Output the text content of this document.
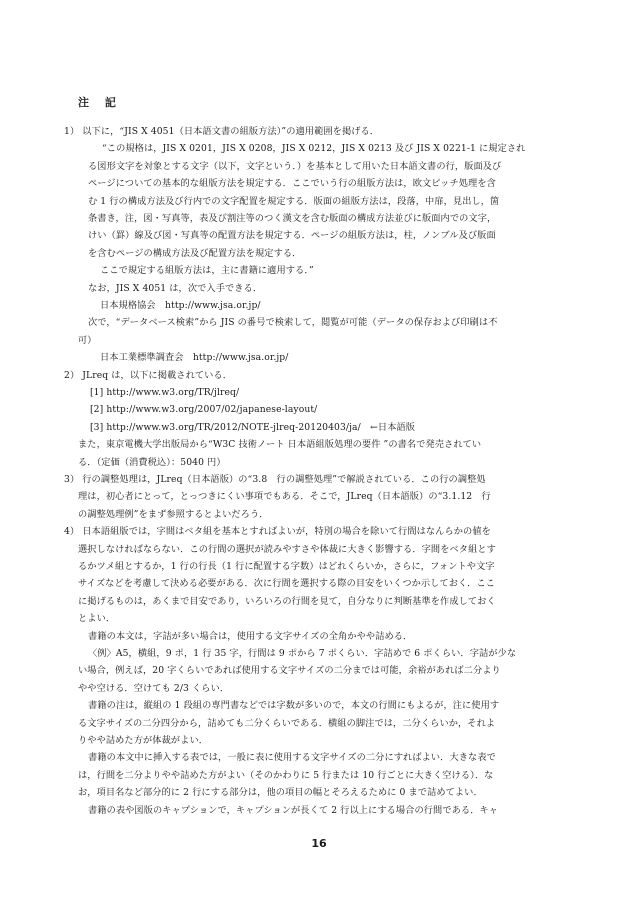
注 記
1） 以下に，“JIS X 4051（日本語文書の組版方法）”の適用範囲を掲げる．
“この規格は，JIS X 0201，JIS X 0208，JIS X 0212，JIS X 0213 及び JIS X 0221-1 に規定され
る図形文字を対象とする文字（以下，文字という．）を基本として用いた日本語文書の行，版面及び
ページについての基本的な組版方法を規定する．ここでいう行の組版方法は，欧文ピッチ処理を含
む 1 行の構成方法及び行内での文字配置を規定する．版面の組版方法は，段落，中扉，見出し，箇
条書き，注，図・写真等，表及び割注等のつく漢文を含む版面の構成方法並びに版面内での文字，
けい（罫）線及び図・写真等の配置方法を規定する．ページの組版方法は，柱，ノンブル及び版面
を含むページの構成方法及び配置方法を規定する．
ここで規定する組版方法は，主に書籍に適用する．”
なお，JIS X 4051 は，次で入手できる．
日本規格協会　http://www.jsa.or.jp/
次で，“データベース検索”から JIS の番号で検索して，閲覧が可能（データの保存および印刷は不
可）
日本工業標準調査会　http://www.jsa.or.jp/
2） JLreq は，以下に掲載されている．
[1] http://www.w3.org/TR/jlreq/
[2] http://www.w3.org/2007/02/japanese-layout/
[3] http://www.w3.org/TR/2012/NOTE-jlreq-20120403/ja/　←日本語版
また，東京電機大学出版局から“W3C 技術ノート 日本語組版処理の要件 ”の書名で発売されてい
る．（定価（消費税込）：5040 円）
3） 行の調整処理は，JLreq（日本語版）の“3.8　行の調整処理”で解説されている．この行の調整処
理は，初心者にとって，とっつきにくい事項でもある．そこで，JLreq（日本語版）の“3.1.12　行
の調整処理例”をまず参照するとよいだろう．
4） 日本語組版では，字間はベタ組を基本とすればよいが，特別の場合を除いて行間はなんらかの値を
選択しなければならない．この行間の選択が読みやすさや体裁に大きく影響する．字間をベタ組とす
るかツメ組とするか，1 行の行長（1 行に配置する字数）はどれくらいか，さらに，フォントや文字
サイズなどを考慮して決める必要がある．次に行間を選択する際の目安をいくつか示しておく．ここ
に掲げるものは，あくまで目安であり，いろいろの行間を見て，自分なりに判断基準を作成しておく
とよい．
書籍の本文は，字詰が多い場合は，使用する文字サイズの全角かやや詰める．
〈例〉A5，横組，9 ポ，1 行 35 字，行間は 9 ポから 7 ポくらい．字詰めで 6 ポくらい．字詰が少な
い場合，例えば，20 字くらいであれば使用する文字サイズの二分までは可能，余裕があれば二分より
やや空ける．空けても 2/3 くらい．
書籍の注は，縦組の 1 段組の専門書などでは字数が多いので，本文の行間にもよるが，注に使用す
る文字サイズの二分四分から，詰めても二分くらいである．横組の脚注では，二分くらいか，それよ
りやや詰めた方が体裁がよい．
書籍の本文中に挿入する表では，一般に表に使用する文字サイズの二分にすればよい．大きな表で
は，行間を二分よりやや詰めた方がよい（そのかわりに 5 行または 10 行ごとに大きく空ける）．な
お，項目名など部分的に 2 行にする部分は，他の項目の幅とそろえるために 0 まで詰めてよい．
書籍の表や図版のキャプションで，キャプションが長くて 2 行以上にする場合の行間である．キャ
16
